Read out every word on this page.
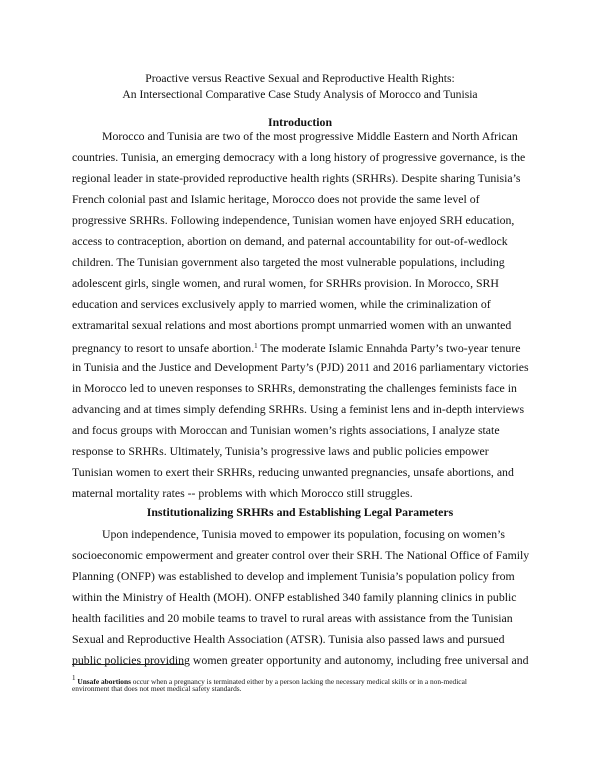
Proactive versus Reactive Sexual and Reproductive Health Rights:
An Intersectional Comparative Case Study Analysis of Morocco and Tunisia
Introduction
Morocco and Tunisia are two of the most progressive Middle Eastern and North African
countries. Tunisia, an emerging democracy with a long history of progressive governance, is the
regional leader in state-provided reproductive health rights (SRHRs). Despite sharing Tunisia’s
French colonial past and Islamic heritage, Morocco does not provide the same level of
progressive SRHRs. Following independence, Tunisian women have enjoyed SRH education,
access to contraception, abortion on demand, and paternal accountability for out-of-wedlock
children. The Tunisian government also targeted the most vulnerable populations, including
adolescent girls, single women, and rural women, for SRHRs provision. In Morocco, SRH
education and services exclusively apply to married women, while the criminalization of
extramarital sexual relations and most abortions prompt unmarried women with an unwanted
pregnancy to resort to unsafe abortion.$^1$ The moderate Islamic Ennahda Party’s two-year tenure
in Tunisia and the Justice and Development Party’s (PJD) 2011 and 2016 parliamentary victories
in Morocco led to uneven responses to SRHRs, demonstrating the challenges feminists face in
advancing and at times simply defending SRHRs. Using a feminist lens and in-depth interviews
and focus groups with Moroccan and Tunisian women’s rights associations, I analyze state
response to SRHRs. Ultimately, Tunisia’s progressive laws and public policies empower
Tunisian women to exert their SRHRs, reducing unwanted pregnancies, unsafe abortions, and
maternal mortality rates -- problems with which Morocco still struggles.
Institutionalizing SRHRs and Establishing Legal Parameters
Upon independence, Tunisia moved to empower its population, focusing on women’s
socioeconomic empowerment and greater control over their SRH. The National Office of Family
Planning (ONFP) was established to develop and implement Tunisia’s population policy from
within the Ministry of Health (MOH). ONFP established 340 family planning clinics in public
health facilities and 20 mobile teams to travel to rural areas with assistance from the Tunisian
Sexual and Reproductive Health Association (ATSR). Tunisia also passed laws and pursued
public policies providing women greater opportunity and autonomy, including free universal and
$^1$ Unsafe abortions occur when a pregnancy is terminated either by a person lacking the necessary medical skills or in a non-medical
environment that does not meet medical safety standards.
